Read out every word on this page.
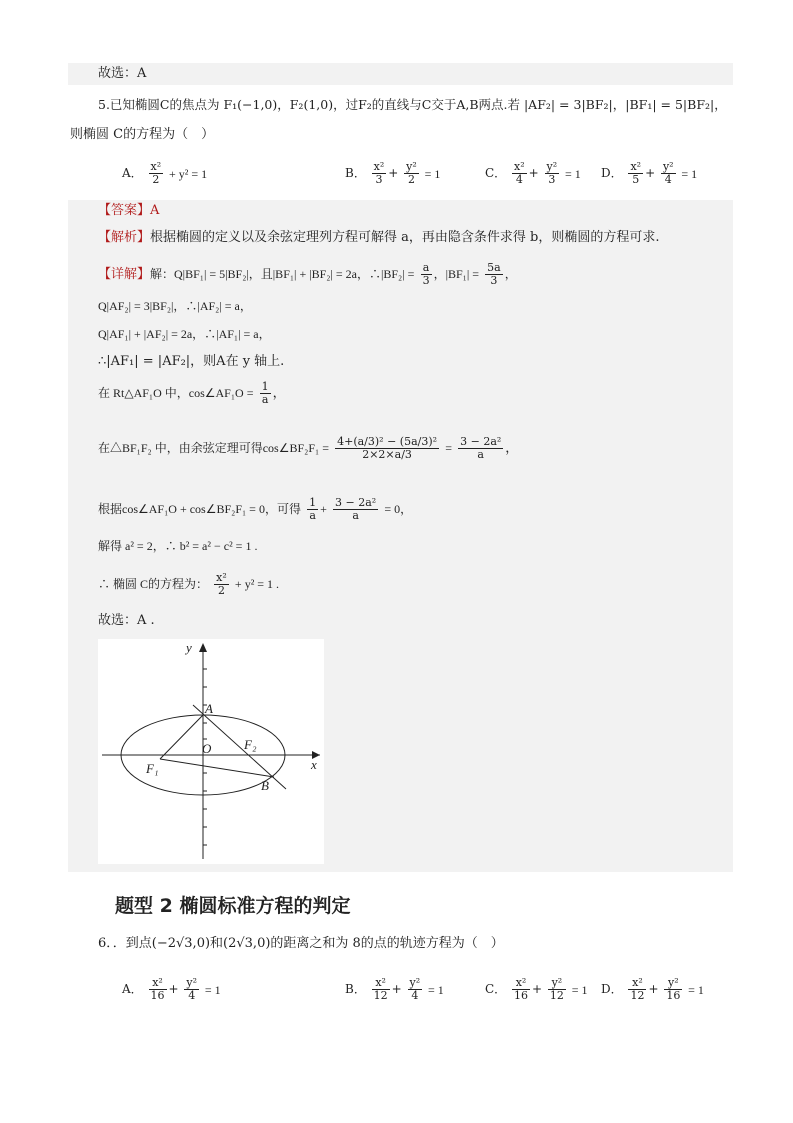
故选：A
5.已知椭圆C的焦点为 F₁(−1,0)，F₂(1,0)，过F₂的直线与C交于A,B两点.若 |AF₂| = 3|BF₂|，|BF₁| = 5|BF₂|，
则椭圆 C的方程为（　）
A． $\frac{\text{x²}}{2} + y^2 = 1$	B． $\frac{\text{x²}}{3} + \frac{\text{y²}}{2} = 1$	C． $\frac{\text{x²}}{4} + \frac{\text{y²}}{3} = 1$ D． $\frac{\text{x²}}{5} + \frac{\text{y²}}{4} = 1$
【答案】A
【解析】根据椭圆的定义以及余弦定理列方程可解得 a，再由隐含条件求得 b，则椭圆的方程可求.
【详解】解：Q|BF₁| = 5|BF₂|，且|BF₁| + |BF₂| = 2a，∴|BF₂| = $\frac{a}{3}$ ，$|BF_1| = \frac{5a}{3}$ ，
Q|AF₂| = 3|BF₂|，∴|AF₂| = a，
Q|AF₁| + |AF₂| = 2a，∴|AF₁| = a，
∴|AF₁| = |AF₂|，则A在 y 轴上.
在 Rt△AF₁O 中，cos∠AF₁O = $\frac{1}{a}$ ，
在△BF₁F₂ 中，由余弦定理可得cos∠BF₂F₁ = $\frac{\text{4+(a/3)² − (5a/3)²}}{2\times 2\times a/3} = \frac{\text{3 − 2a²}}{a}$ ，
根据cos∠AF₁O + cos∠BF₂F₁ = 0，可得 $\frac{1}{a} + \frac{\text{3 − 2a²}}{a} = 0$，
解得 a² = 2，∴ b² = a² − c² = 1 .
∴ 椭圆 C的方程为： $\frac{\text{x²}}{2} + y^2 = 1$ .
故选：A .
y
x
A
O	F₂
F₁
B
题型 2 椭圆标准方程的判定
6．．到点(−2√3,0)和(2√3,0)的距离之和为 8的点的轨迹方程为（　）
A． $\frac{\text{x²}}{16} + \frac{\text{y²}}{4} = 1$	B． $\frac{\text{x²}}{12} + \frac{\text{y²}}{4} = 1$	C． $\frac{\text{x²}}{16} + \frac{\text{y²}}{12} = 1$ D． $\frac{\text{x²}}{12} + \frac{\text{y²}}{16} = 1$
